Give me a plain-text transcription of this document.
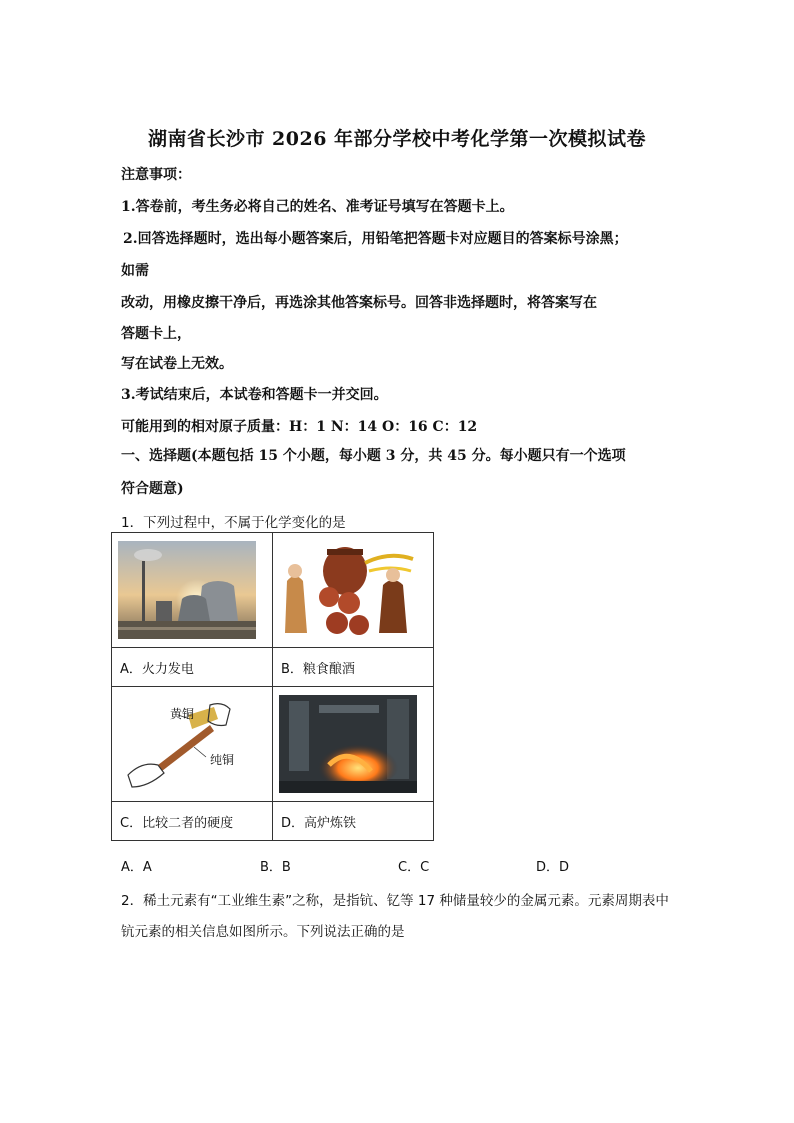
湖南省长沙市 2026 年部分学校中考化学第一次模拟试卷
注意事项：
1.答卷前，考生务必将自己的姓名、准考证号填写在答题卡上。
2.回答选择题时，选出每小题答案后，用铅笔把答题卡对应题目的答案标号涂黑；
如需
改动，用橡皮擦干净后，再选涂其他答案标号。回答非选择题时，将答案写在
答题卡上，
写在试卷上无效。
3.考试结束后，本试卷和答题卡一并交回。
可能用到的相对原子质量：H：1 N：14 O：16 C：12
一、选择题(本题包括 15 个小题，每小题 3 分，共 45 分。每小题只有一个选项
符合题意)
1．下列过程中，不属于化学变化的是

A．火力发电	B．粮食酿酒

黄铜
纯铜

C．比较二者的硬度	D．高炉炼铁
A．A	B．B	C．C	D．D
2．稀土元素有“工业维生素”之称，是指钪、钇等 17 种储量较少的金属元素。元素周期表中
钪元素的相关信息如图所示。下列说法正确的是
